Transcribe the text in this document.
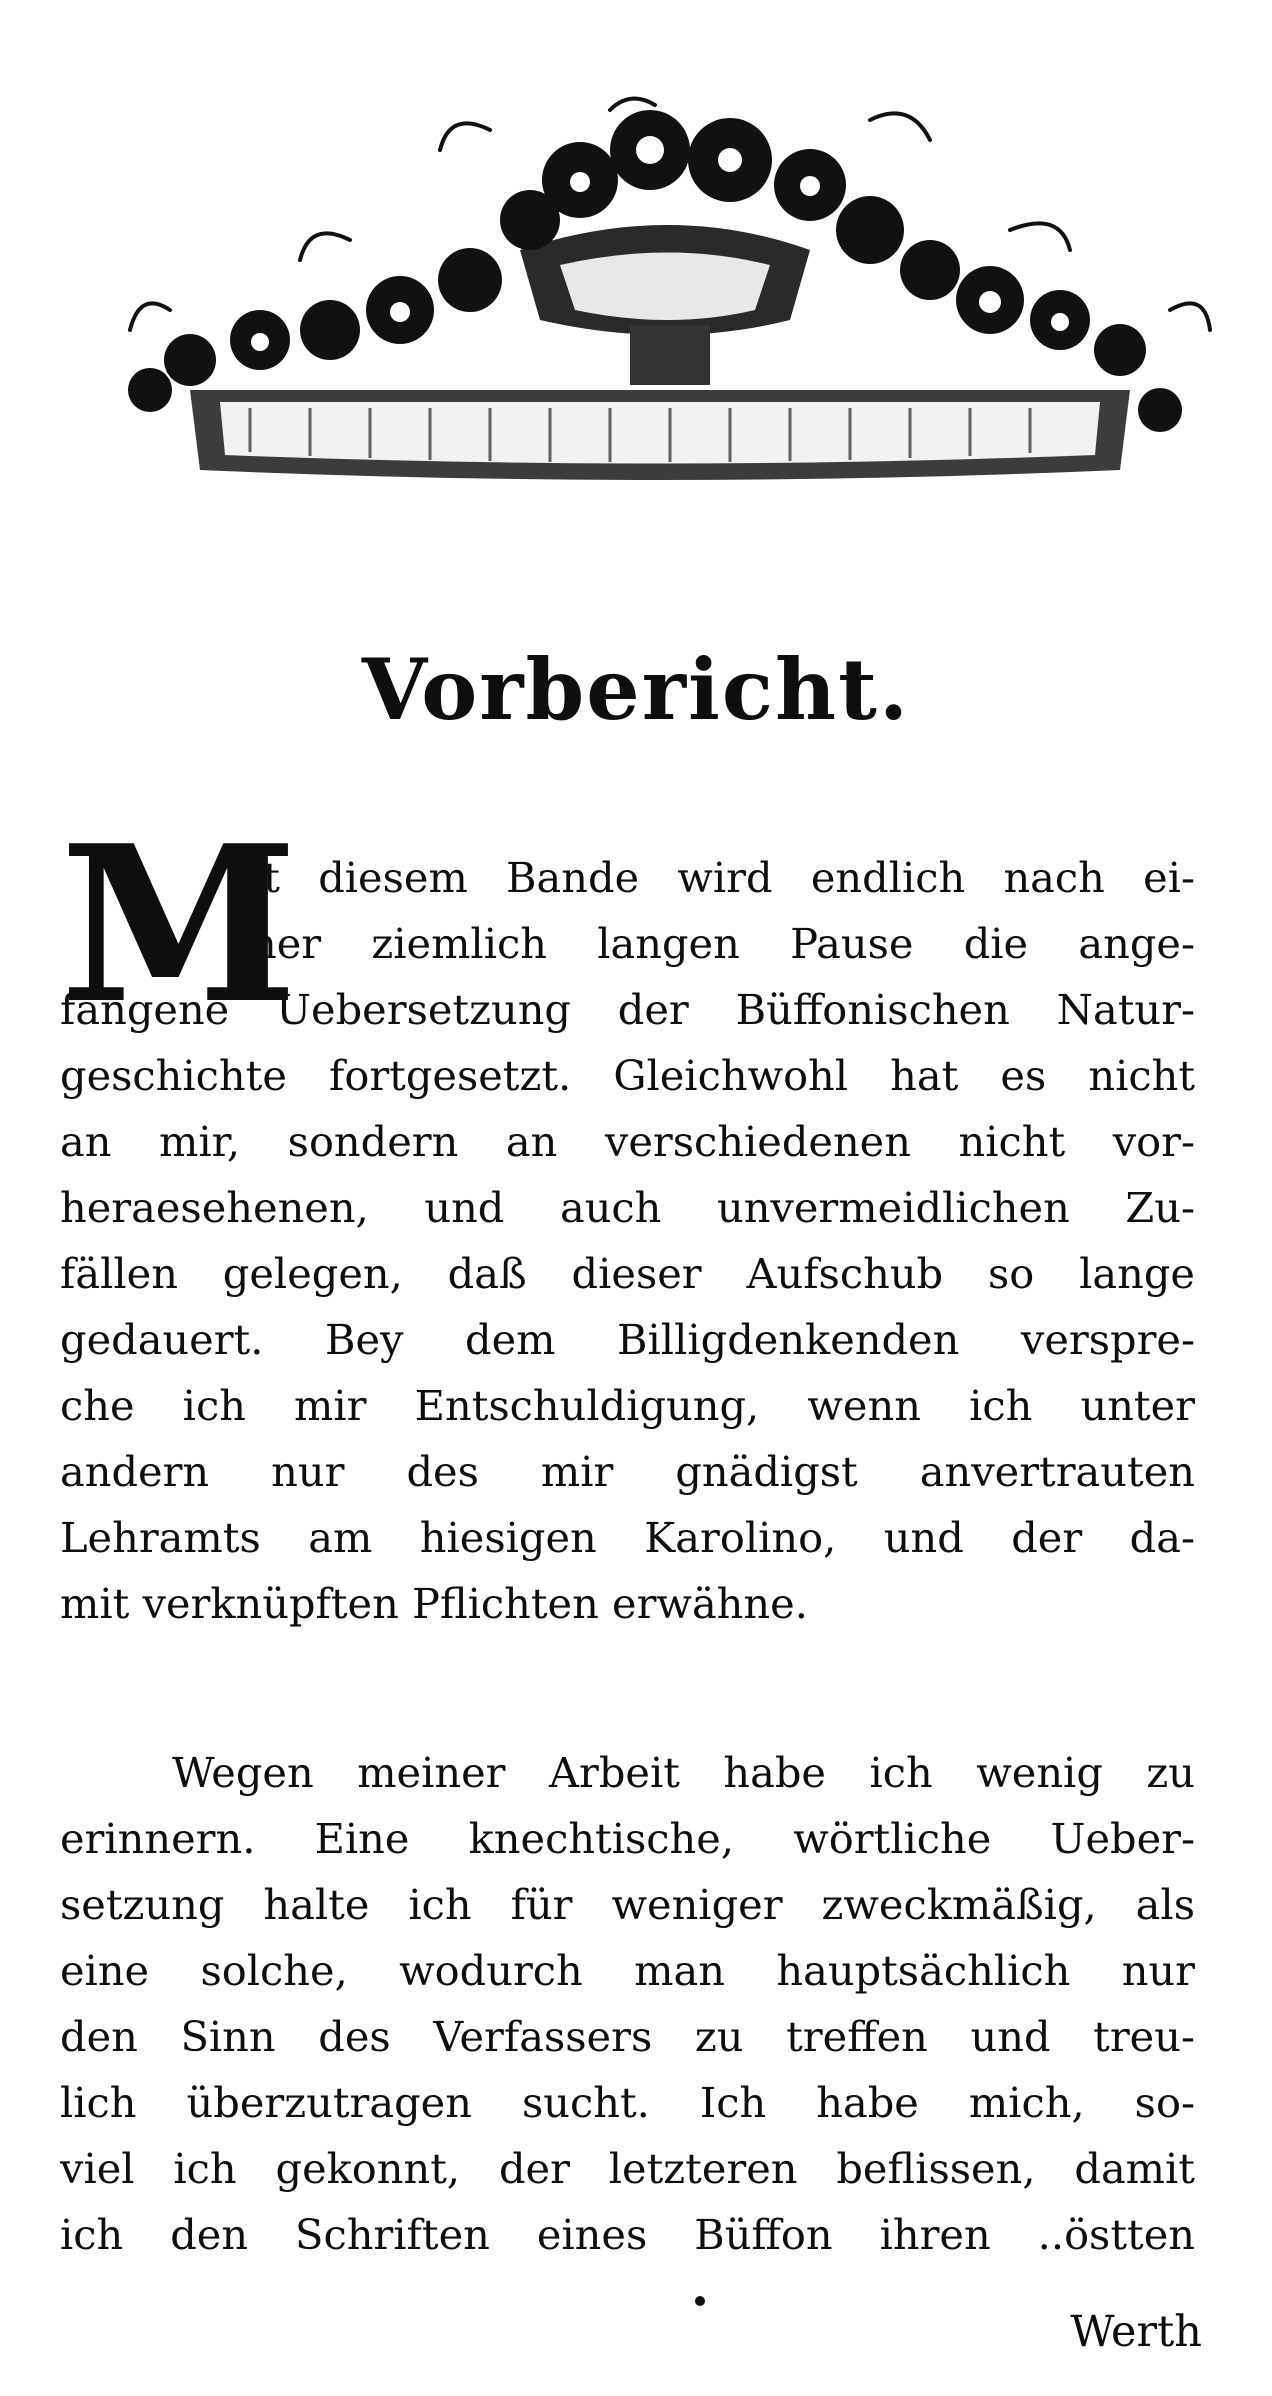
Vorbericht.
M
it diesem Bande wird endlich nach ei-
ner ziemlich langen Pause die ange-
fangene Uebersetzung der Büffonischen Natur-
geschichte fortgesetzt. Gleichwohl hat es nicht
an mir, sondern an verschiedenen nicht vor-
heraesehenen, und auch unvermeidlichen Zu-
fällen gelegen, daß dieser Aufschub so lange
gedauert. Bey dem Billigdenkenden verspre-
che ich mir Entschuldigung, wenn ich unter
andern nur des mir gnädigst anvertrauten
Lehramts am hiesigen Karolino, und der da-
mit verknüpften Pflichten erwähne.
Wegen meiner Arbeit habe ich wenig zu
erinnern. Eine knechtische, wörtliche Ueber-
setzung halte ich für weniger zweckmäßig, als
eine solche, wodurch man hauptsächlich nur
den Sinn des Verfassers zu treffen und treu-
lich überzutragen sucht. Ich habe mich, so-
viel ich gekonnt, der letzteren beflissen, damit
ich den Schriften eines Büffon ihren ..östten
Werth
